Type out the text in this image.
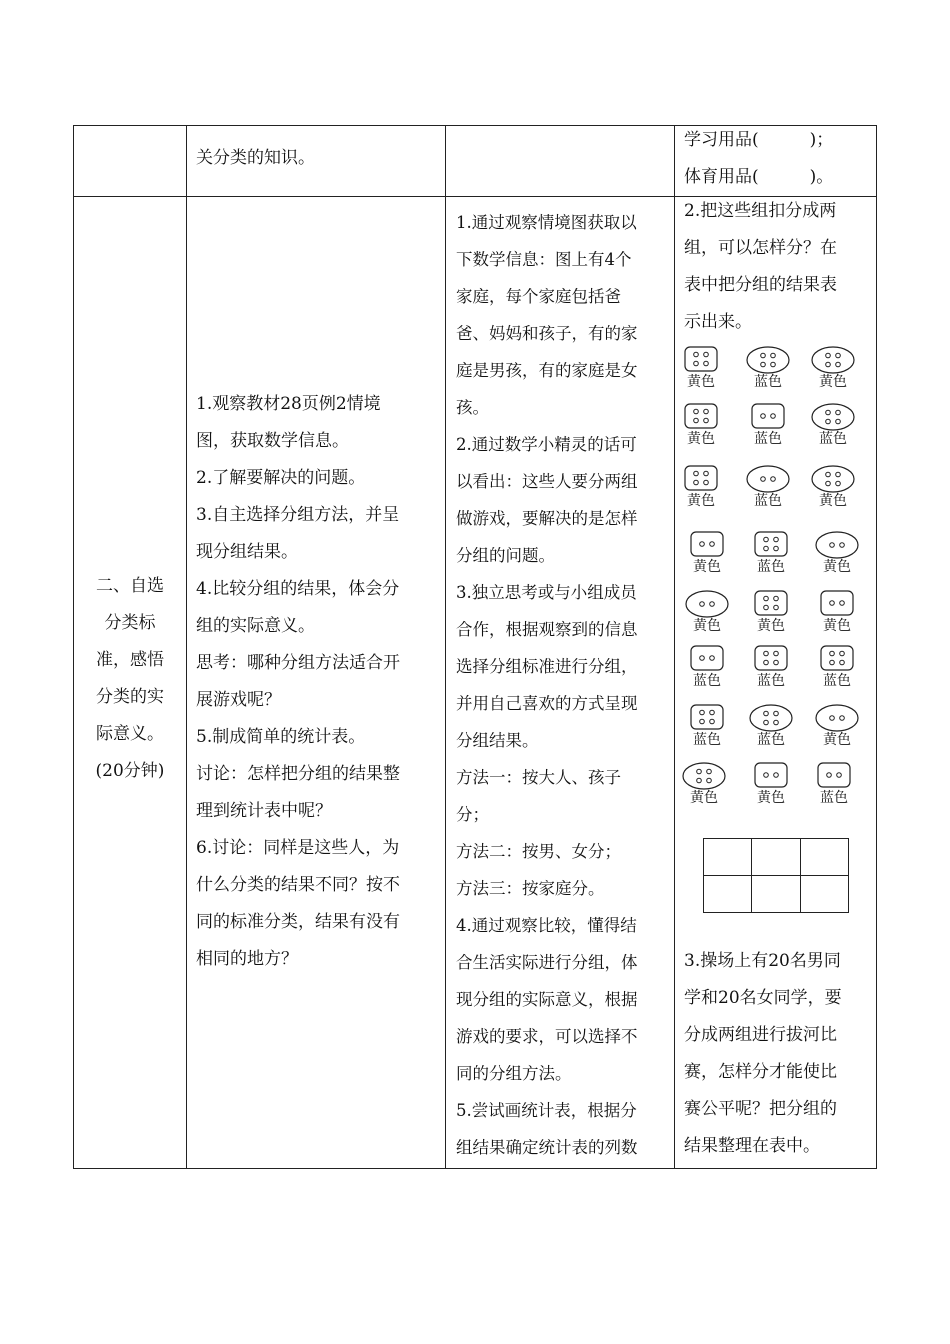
关分类的知识。

学习用品(　　　)；

体育用品(　　　)。

二、自选

分类标

准，感悟

分类的实

际意义。

(20分钟)

1.观察教材28页例2情境

图，获取数学信息。

2.了解要解决的问题。

3.自主选择分组方法，并呈

现分组结果。

4.比较分组的结果，体会分

组的实际意义。

思考：哪种分组方法适合开

展游戏呢？

5.制成简单的统计表。

讨论：怎样把分组的结果整

理到统计表中呢？

6.讨论：同样是这些人，为

什么分类的结果不同？按不

同的标准分类，结果有没有

相同的地方？

1.通过观察情境图获取以

下数学信息：图上有4个

家庭，每个家庭包括爸

爸、妈妈和孩子，有的家

庭是男孩，有的家庭是女

孩。

2.通过数学小精灵的话可

以看出：这些人要分两组

做游戏，要解决的是怎样

分组的问题。

3.独立思考或与小组成员

合作，根据观察到的信息

选择分组标准进行分组，

并用自己喜欢的方式呈现

分组结果。

方法一：按大人、孩子

分；

方法二：按男、女分；

方法三：按家庭分。

4.通过观察比较，懂得结

合生活实际进行分组，体

现分组的实际意义，根据

游戏的要求，可以选择不

同的分组方法。

5.尝试画统计表，根据分

组结果确定统计表的列数

2.把这些组扣分成两

组，可以怎样分？在

表中把分组的结果表

示出来。

黄色	蓝色	黄色
黄色	蓝色	蓝色
黄色	蓝色	黄色
黄色	蓝色	黄色
黄色	黄色	黄色
蓝色	蓝色	蓝色
蓝色	蓝色	黄色
黄色	黄色	蓝色

3.操场上有20名男同

学和20名女同学，要

分成两组进行拔河比

赛，怎样分才能使比

赛公平呢？把分组的

结果整理在表中。
